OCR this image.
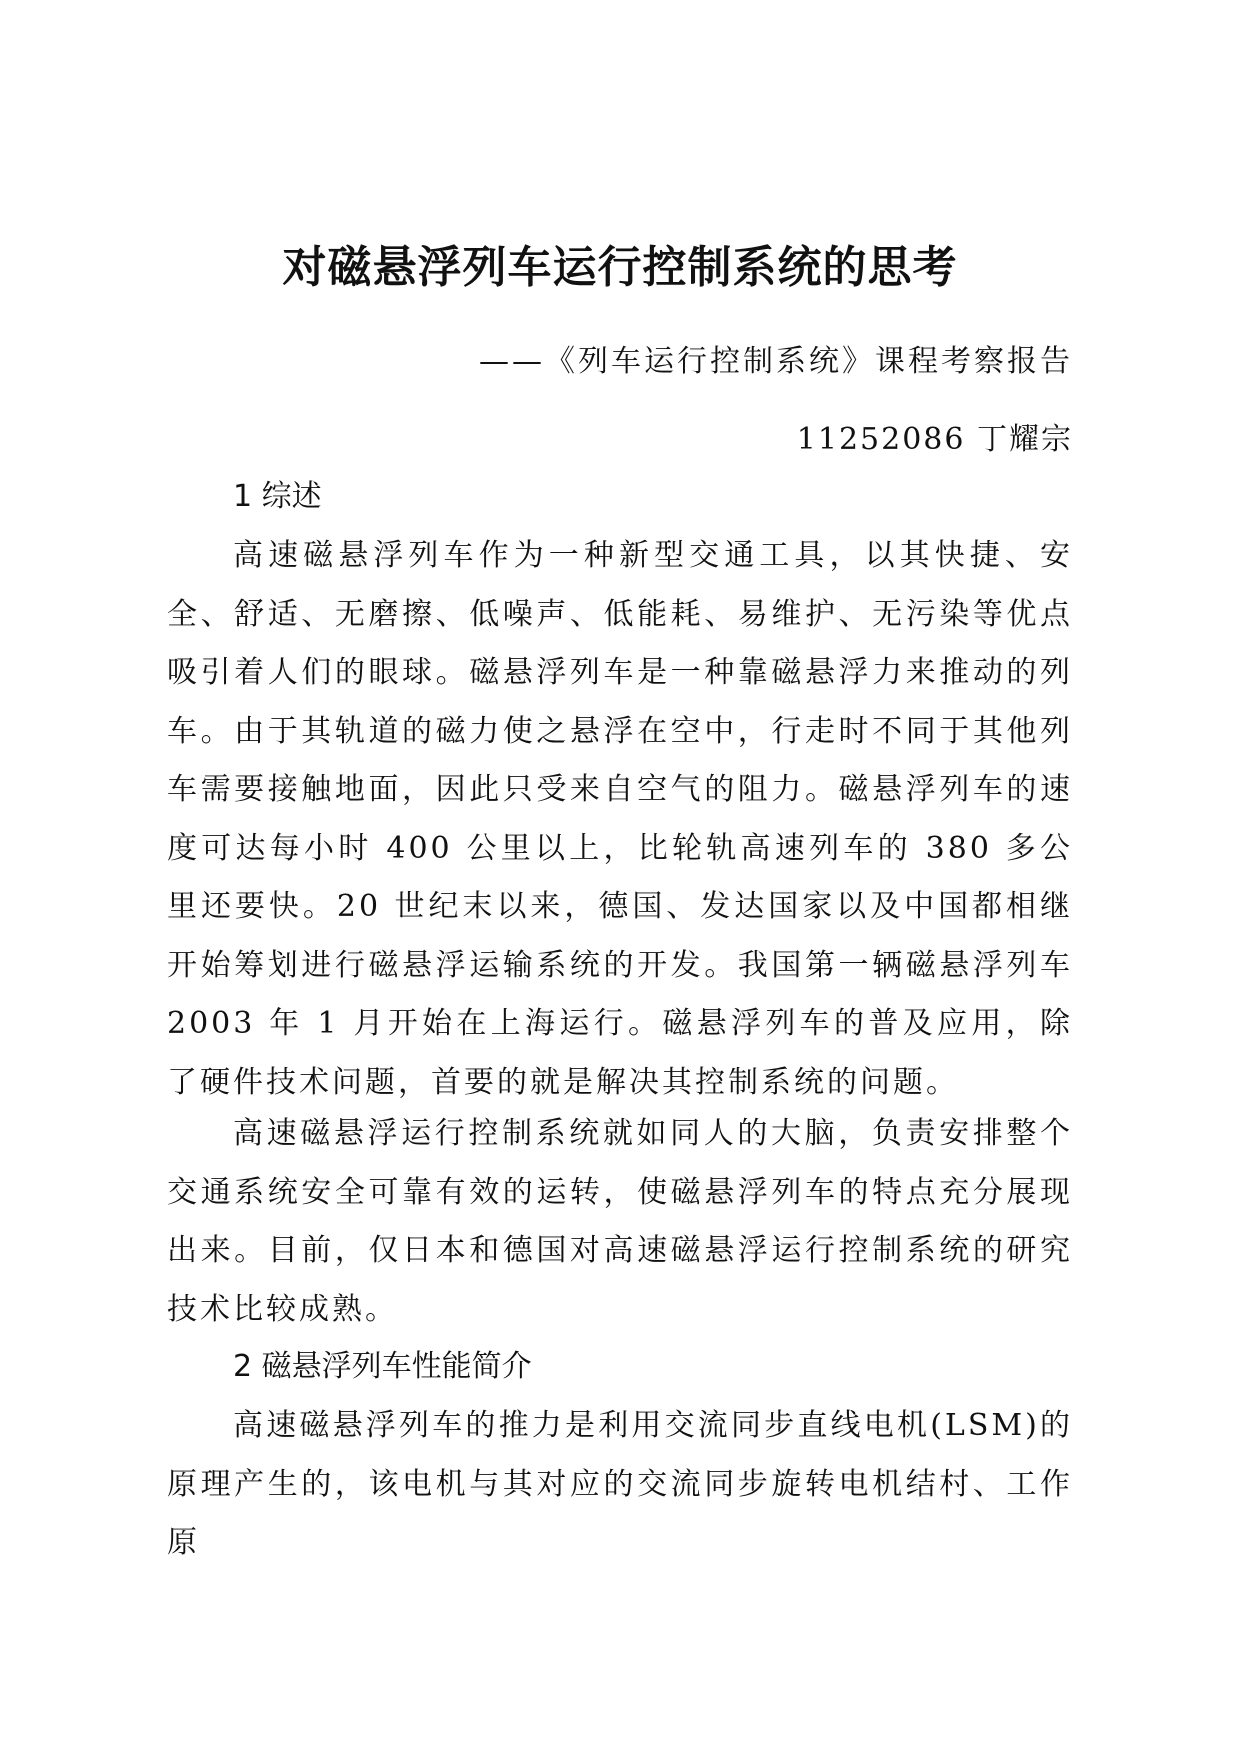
对磁悬浮列车运行控制系统的思考
——《列车运行控制系统》课程考察报告
11252086 丁耀宗
1 综述

高速磁悬浮列车作为一种新型交通工具，以其快捷、安全、舒适、无磨擦、低噪声、低能耗、易维护、无污染等优点吸引着人们的眼球。磁悬浮列车是一种靠磁悬浮力来推动的列车。由于其轨道的磁力使之悬浮在空中，行走时不同于其他列车需要接触地面，因此只受来自空气的阻力。磁悬浮列车的速度可达每小时 400 公里以上，比轮轨高速列车的 380 多公里还要快。20 世纪末以来，德国、发达国家以及中国都相继开始筹划进行磁悬浮运输系统的开发。我国第一辆磁悬浮列车 2003 年 1 月开始在上海运行。磁悬浮列车的普及应用，除了硬件技术问题，首要的就是解决其控制系统的问题。

高速磁悬浮运行控制系统就如同人的大脑，负责安排整个交通系统安全可靠有效的运转，使磁悬浮列车的特点充分展现出来。目前，仅日本和德国对高速磁悬浮运行控制系统的研究技术比较成熟。

2 磁悬浮列车性能简介

高速磁悬浮列车的推力是利用交流同步直线电机(LSM)的原理产生的，该电机与其对应的交流同步旋转电机结村、工作原
